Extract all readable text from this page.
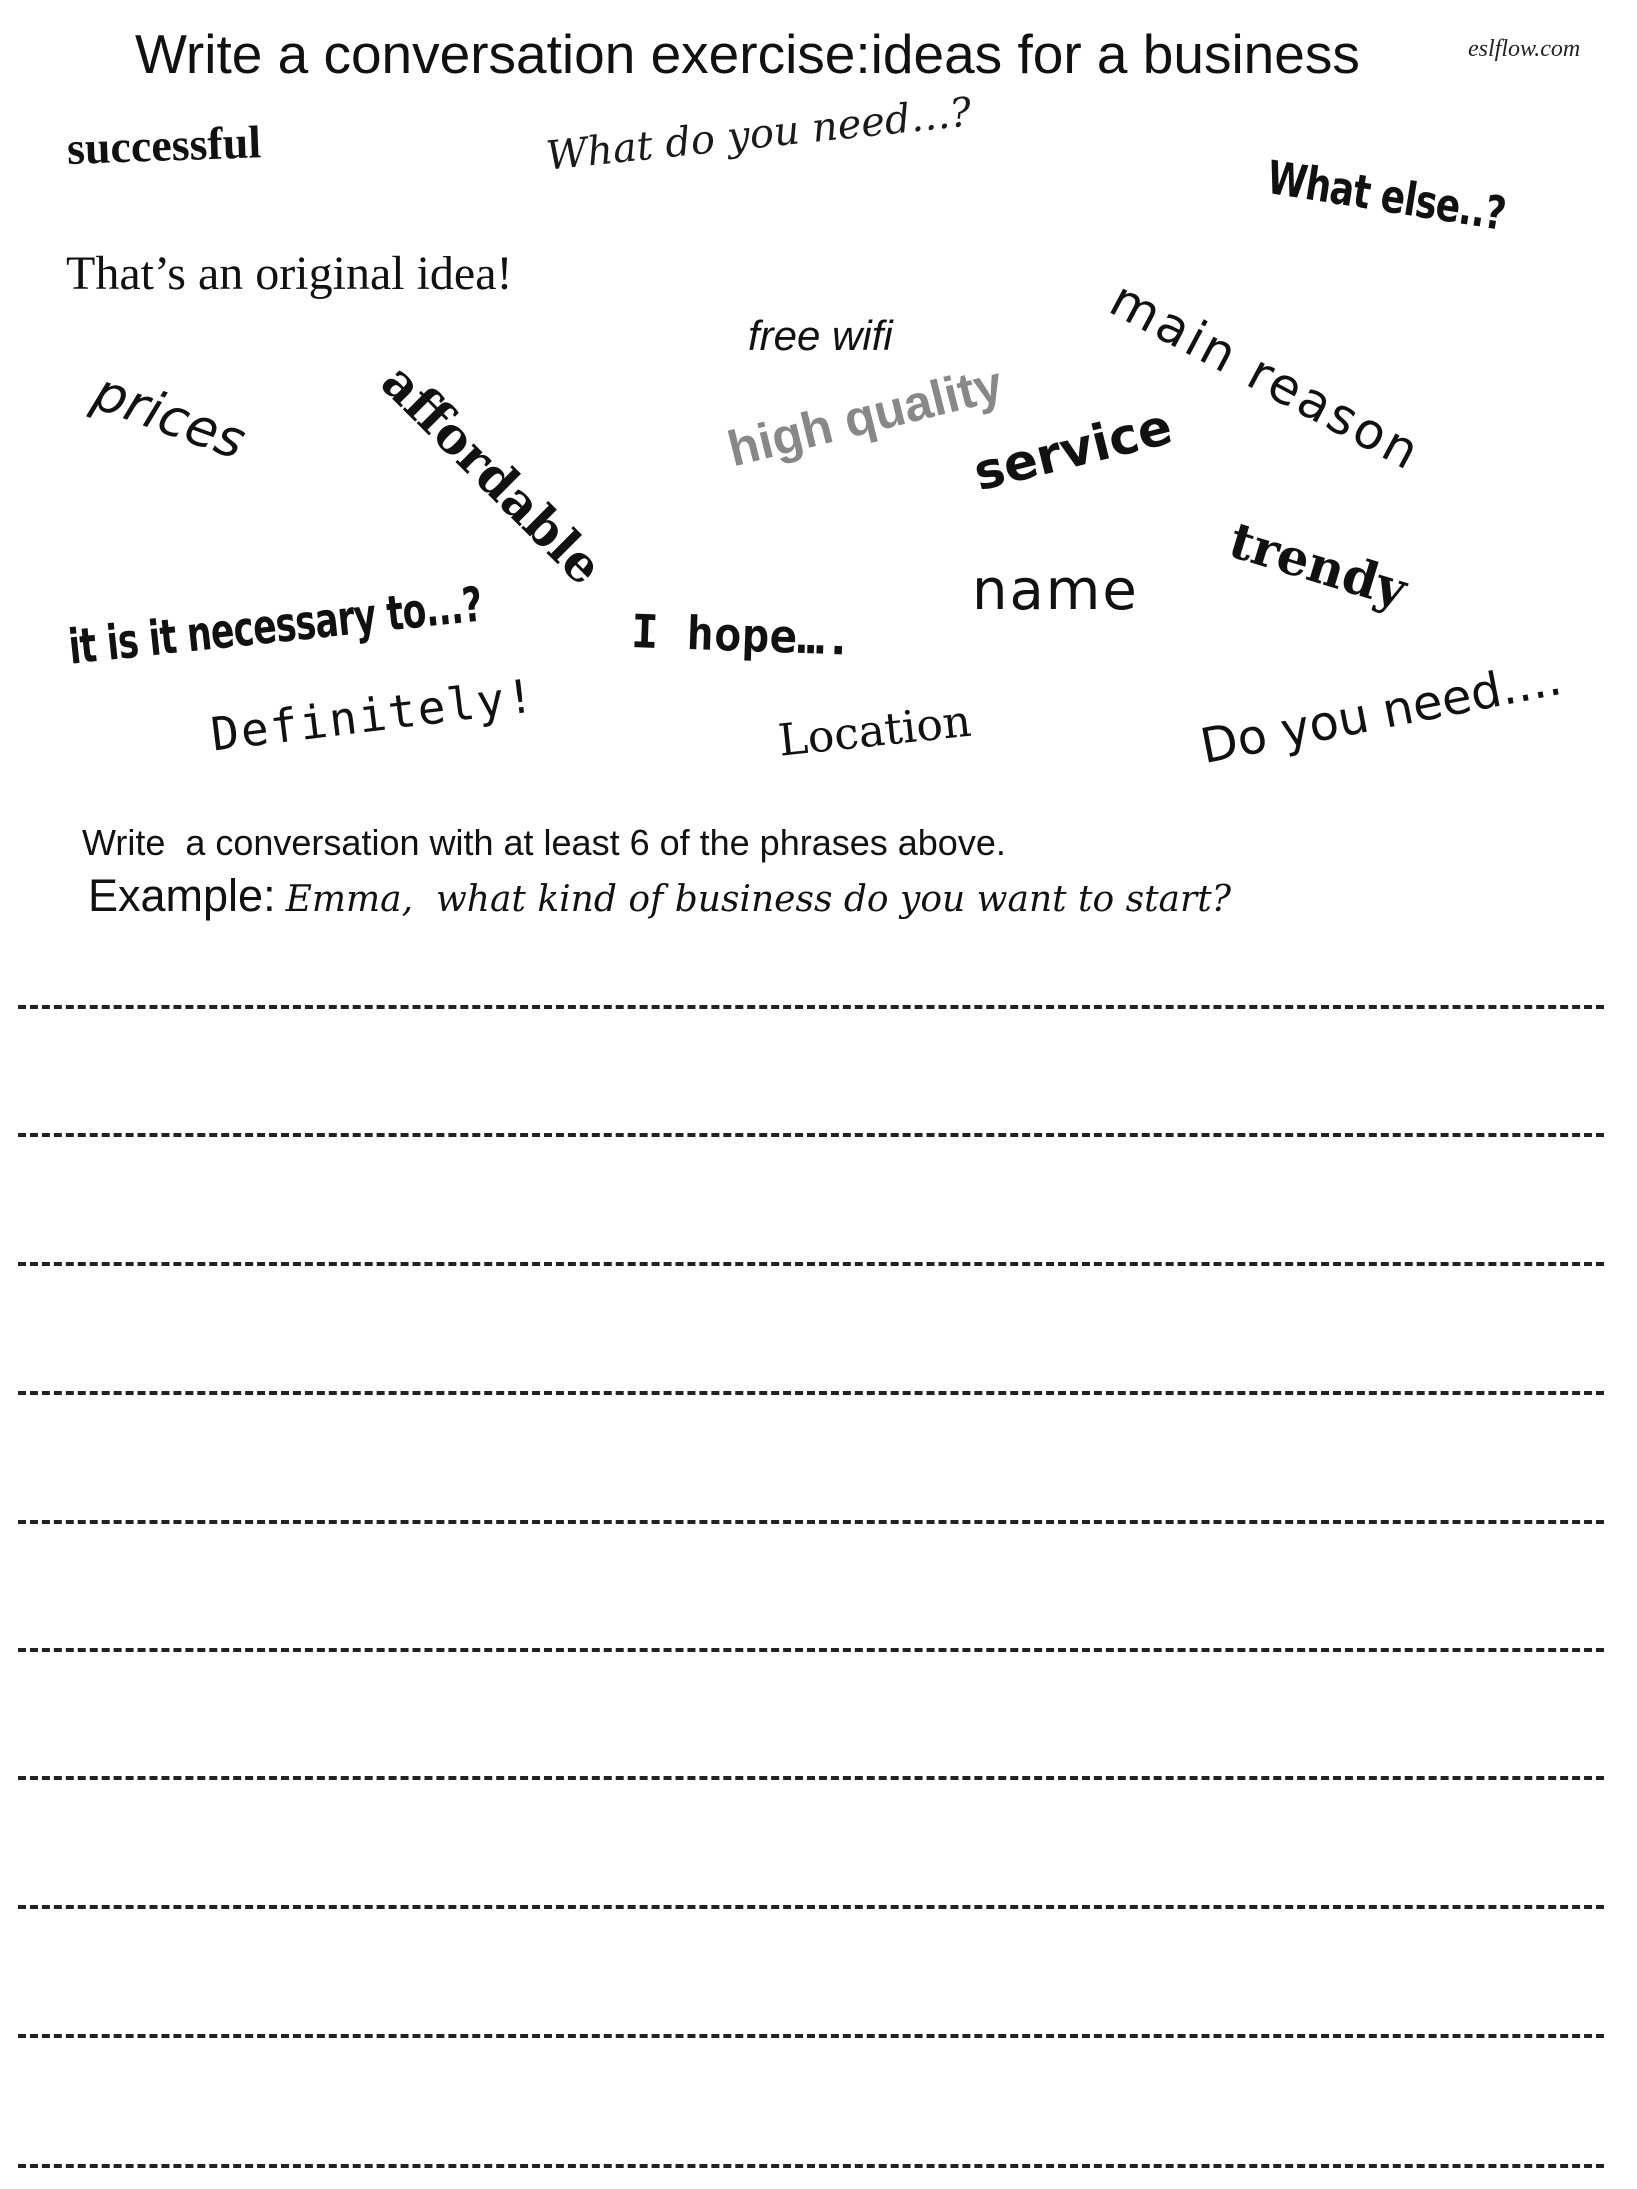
Write a conversation exercise:ideas for a business	eslflow.com
successful	What do you need…?
What else..?
That’s an original idea!
free wifi	main reason
prices affordable high quality
service
trendy
name
it is it necessary to...?	I hope….
Definitely!	Location	Do you need....
Write  a conversation with at least 6 of the phrases above.
Example: Emma,  what kind of business do you want to start?
